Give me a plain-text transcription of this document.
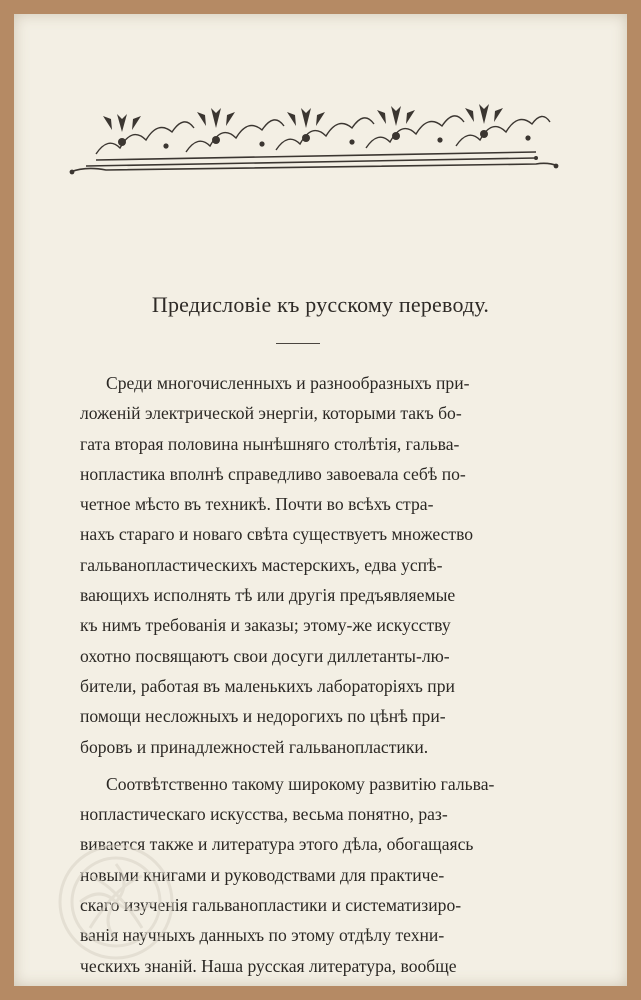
Предисловіе къ русскому переводу.
Среди многочисленныхъ и разнообразныхъ при-
ложеній электрической энергіи, которыми такъ бо-
гата вторая половина нынѣшняго столѣтія, гальва-
нопластика вполнѣ справедливо завоевала себѣ по-
четное мѣсто въ техникѣ. Почти во всѣхъ стра-
нахъ стараго и новаго свѣта существуетъ множество
гальванопластическихъ мастерскихъ, едва успѣ-
вающихъ исполнять тѣ или другія предъявляемые
къ нимъ требованія и заказы; этому-же искусству
охотно посвящаютъ свои досуги диллетанты-лю-
бители, работая въ маленькихъ лабораторіяхъ при
помощи несложныхъ и недорогихъ по цѣнѣ при-
боровъ и принадлежностей гальванопластики.
Соотвѣтственно такому широкому развитію гальва-
нопластическаго искусства, весьма понятно, раз-
вивается также и литература этого дѣла, обогащаясь
новыми книгами и руководствами для практиче-
скаго изученія гальванопластики и систематизиро-
ванія научныхъ данныхъ по этому отдѣлу техни-
ческихъ знаній. Наша русская литература, вообще
